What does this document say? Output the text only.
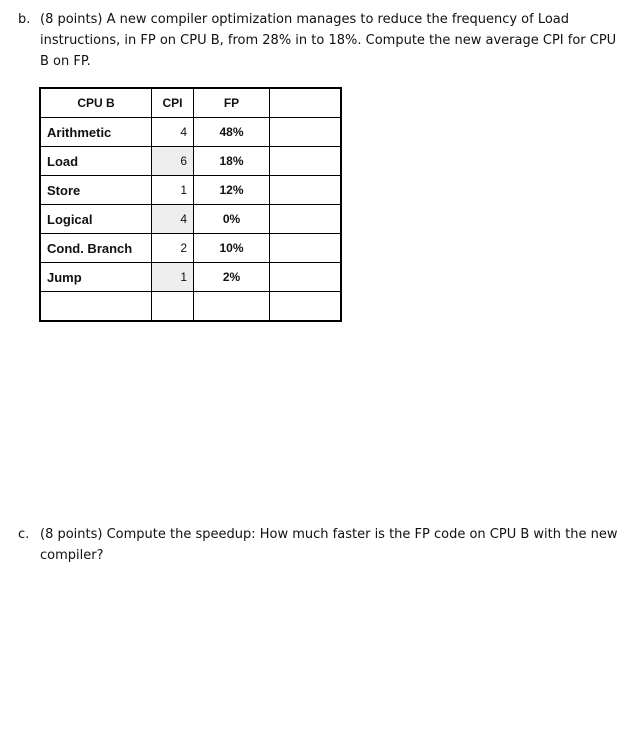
b. (8 points) A new compiler optimization manages to reduce the frequency of Load instructions, in FP on CPU B, from 28% in to 18%. Compute the new average CPI for CPU B on FP.
CPU B	CPI	FP	
Arithmetic	4	48%	
Load	6	18%	
Store	1	12%	
Logical	4	0%	
Cond. Branch	2	10%	
Jump	1	2%	

c. (8 points) Compute the speedup: How much faster is the FP code on CPU B with the new compiler?
